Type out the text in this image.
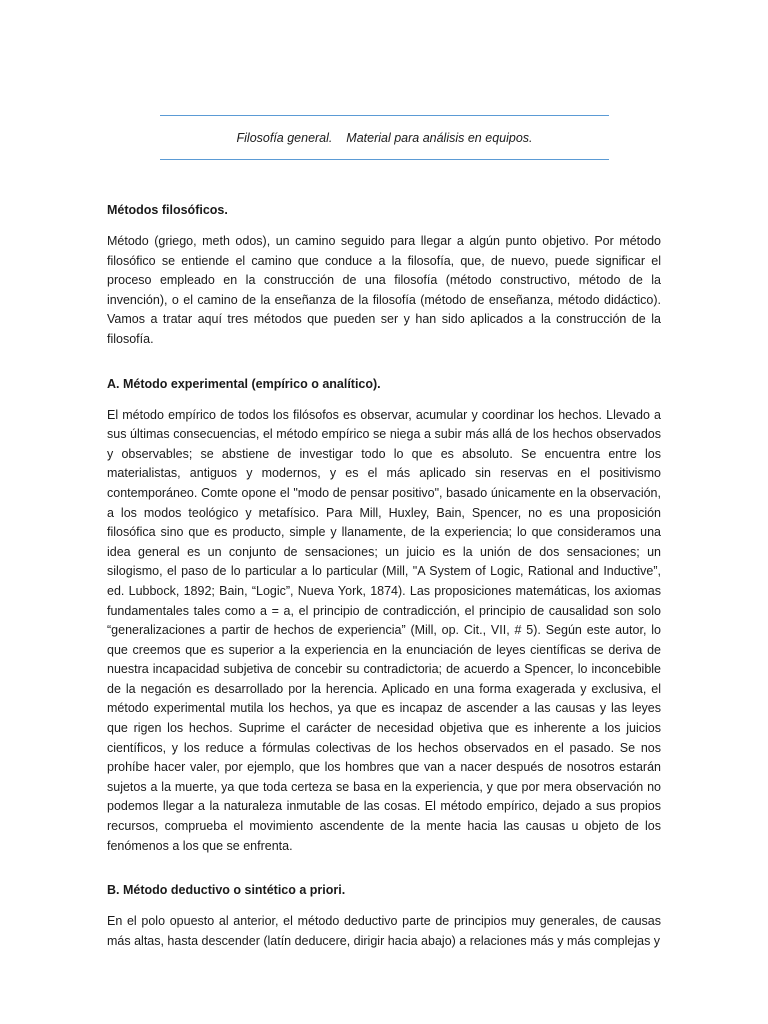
Filosofía general.    Material para análisis en equipos.
Métodos filosóficos.

Método (griego, meth odos), un camino seguido para llegar a algún punto objetivo. Por método filosófico se entiende el camino que conduce a la filosofía, que, de nuevo, puede significar el proceso empleado en la construcción de una filosofía (método constructivo, método de la invención), o el camino de la enseñanza de la filosofía (método de enseñanza, método didáctico). Vamos a tratar aquí tres métodos que pueden ser y han sido aplicados a la construcción de la filosofía.

A. Método experimental (empírico o analítico).

El método empírico de todos los filósofos es observar, acumular y coordinar los hechos. Llevado a sus últimas consecuencias, el método empírico se niega a subir más allá de los hechos observados y observables; se abstiene de investigar todo lo que es absoluto. Se encuentra entre los materialistas, antiguos y modernos, y es el más aplicado sin reservas en el positivismo contemporáneo. Comte opone el "modo de pensar positivo", basado únicamente en la observación, a los modos teológico y metafísico. Para Mill, Huxley, Bain, Spencer, no es una proposición filosófica sino que es producto, simple y llanamente, de la experiencia; lo que consideramos una idea general es un conjunto de sensaciones; un juicio es la unión de dos sensaciones; un silogismo, el paso de lo particular a lo particular (Mill, "A System of Logic, Rational and Inductive”, ed. Lubbock, 1892; Bain, “Logic”, Nueva York, 1874). Las proposiciones matemáticas, los axiomas fundamentales tales como a = a, el principio de contradicción, el principio de causalidad son solo “generalizaciones a partir de hechos de experiencia” (Mill, op. Cit., VII, # 5). Según este autor, lo que creemos que es superior a la experiencia en la enunciación de leyes científicas se deriva de nuestra incapacidad subjetiva de concebir su contradictoria; de acuerdo a Spencer, lo inconcebible de la negación es desarrollado por la herencia. Aplicado en una forma exagerada y exclusiva, el método experimental mutila los hechos, ya que es incapaz de ascender a las causas y las leyes que rigen los hechos. Suprime el carácter de necesidad objetiva que es inherente a los juicios científicos, y los reduce a fórmulas colectivas de los hechos observados en el pasado. Se nos prohíbe hacer valer, por ejemplo, que los hombres que van a nacer después de nosotros estarán sujetos a la muerte, ya que toda certeza se basa en la experiencia, y que por mera observación no podemos llegar a la naturaleza inmutable de las cosas. El método empírico, dejado a sus propios recursos, comprueba el movimiento ascendente de la mente hacia las causas u objeto de los fenómenos a los que se enfrenta.

B. Método deductivo o sintético a priori.

En el polo opuesto al anterior, el método deductivo parte de principios muy generales, de causas más altas, hasta descender (latín deducere, dirigir hacia abajo) a relaciones más y más complejas y
